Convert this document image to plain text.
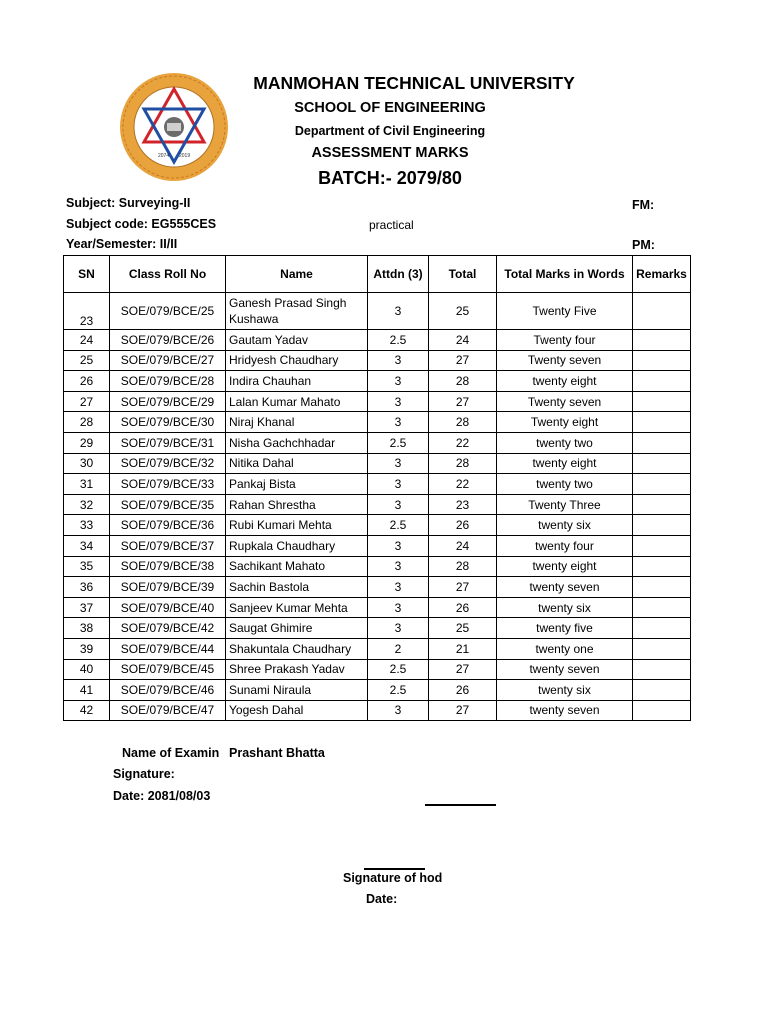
2074 2019
MANMOHAN TECHNICAL UNIVERSITY
SCHOOL OF ENGINEERING
Department of Civil Engineering
ASSESSMENT MARKS
BATCH:- 2079/80
Subject: Surveying-II
Subject code: EG555CES	practical
Year/Semester: II/II
FM:
PM:
SN	Class Roll No	Name	Attdn (3)	Total	Total Marks in Words	Remarks
23	SOE/079/BCE/25	Ganesh Prasad Singh Kushawa	3	25	Twenty Five	
24	SOE/079/BCE/26	Gautam Yadav	2.5	24	Twenty four	
25	SOE/079/BCE/27	Hridyesh Chaudhary	3	27	Twenty seven	
26	SOE/079/BCE/28	Indira Chauhan	3	28	twenty eight	
27	SOE/079/BCE/29	Lalan Kumar Mahato	3	27	Twenty seven	
28	SOE/079/BCE/30	Niraj Khanal	3	28	Twenty eight	
29	SOE/079/BCE/31	Nisha Gachchhadar	2.5	22	twenty two	
30	SOE/079/BCE/32	Nitika Dahal	3	28	twenty eight	
31	SOE/079/BCE/33	Pankaj Bista	3	22	twenty two	
32	SOE/079/BCE/35	Rahan Shrestha	3	23	Twenty Three	
33	SOE/079/BCE/36	Rubi Kumari Mehta	2.5	26	twenty six	
34	SOE/079/BCE/37	Rupkala Chaudhary	3	24	twenty four	
35	SOE/079/BCE/38	Sachikant Mahato	3	28	twenty eight	
36	SOE/079/BCE/39	Sachin Bastola	3	27	twenty seven	
37	SOE/079/BCE/40	Sanjeev Kumar Mehta	3	26	twenty six	
38	SOE/079/BCE/42	Saugat Ghimire	3	25	twenty five	
39	SOE/079/BCE/44	Shakuntala Chaudhary	2	21	twenty one	
40	SOE/079/BCE/45	Shree Prakash Yadav	2.5	27	twenty seven	
41	SOE/079/BCE/46	Sunami Niraula	2.5	26	twenty six	
42	SOE/079/BCE/47	Yogesh Dahal	3	27	twenty seven	
Name of Examin Prashant Bhatta
Signature:
Date: 2081/08/03
Signature of hod
Date:
